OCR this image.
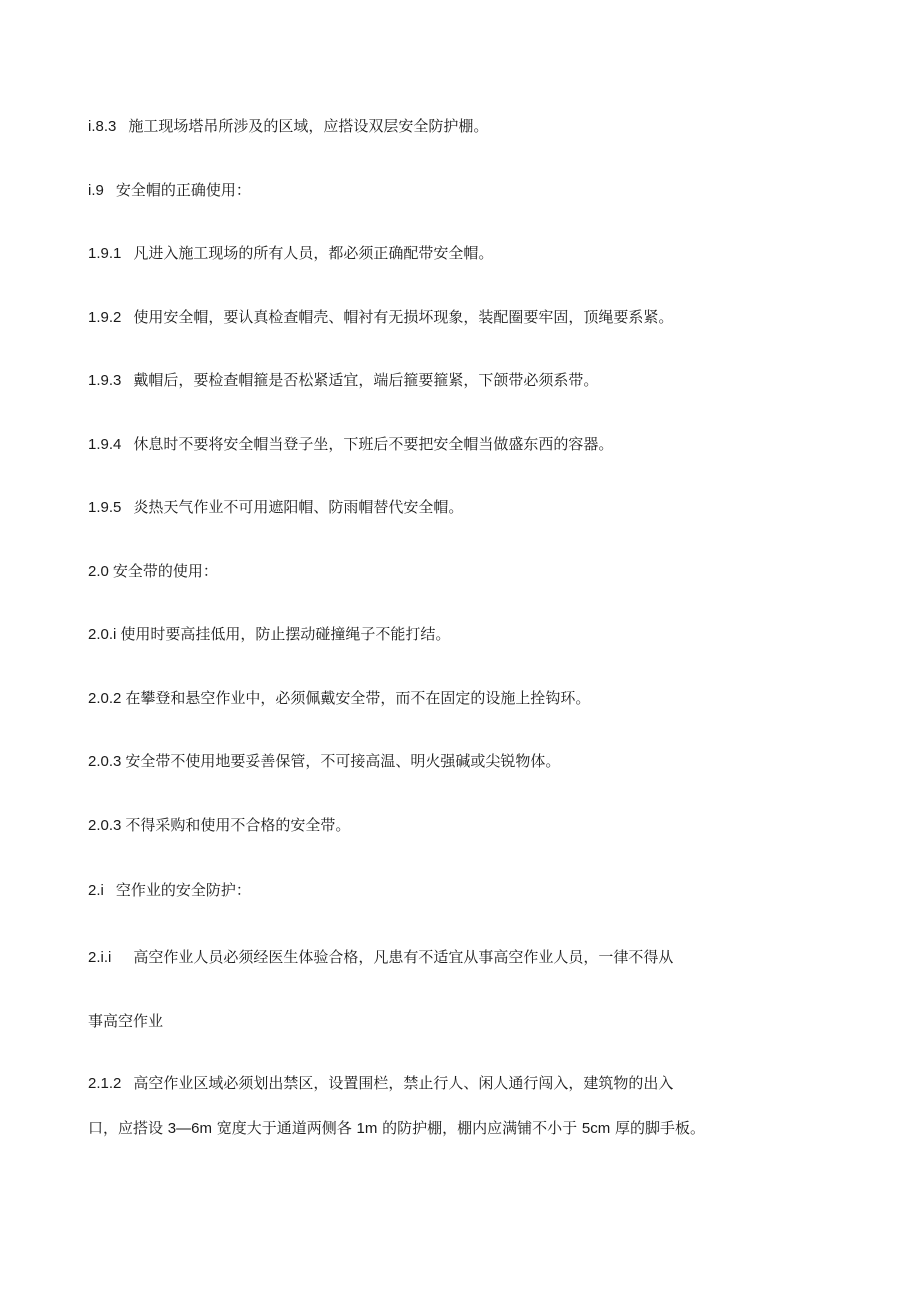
i.8.3 施工现场塔吊所涉及的区域，应搭设双层安全防护棚。
i.9 安全帽的正确使用：
1.9.1 凡进入施工现场的所有人员，都必须正确配带安全帽。
1.9.2 使用安全帽，要认真检查帽壳、帽衬有无损坏现象，装配圈要牢固，顶绳要系紧。
1.9.3 戴帽后，要检查帽箍是否松紧适宜，端后箍要箍紧，下颌带必须系带。
1.9.4 休息时不要将安全帽当登子坐，下班后不要把安全帽当做盛东西的容器。
1.9.5 炎热天气作业不可用遮阳帽、防雨帽替代安全帽。
2.0 安全带的使用：
2.0.i 使用时要高挂低用，防止摆动碰撞绳子不能打结。
2.0.2 在攀登和悬空作业中，必须佩戴安全带，而不在固定的设施上拴钩环。
2.0.3 安全带不使用地要妥善保管，不可接高温、明火强碱或尖锐物体。
2.0.3 不得采购和使用不合格的安全带。
2.i 空作业的安全防护：
2.i.i 高空作业人员必须经医生体验合格，凡患有不适宜从事高空作业人员，一律不得从
事高空作业
2.1.2 高空作业区域必须划出禁区，设置围栏，禁止行人、闲人通行闯入，建筑物的出入
口，应搭设 3—6m 宽度大于通道两侧各 1m 的防护棚，棚内应满铺不小于 5cm 厚的脚手板。
